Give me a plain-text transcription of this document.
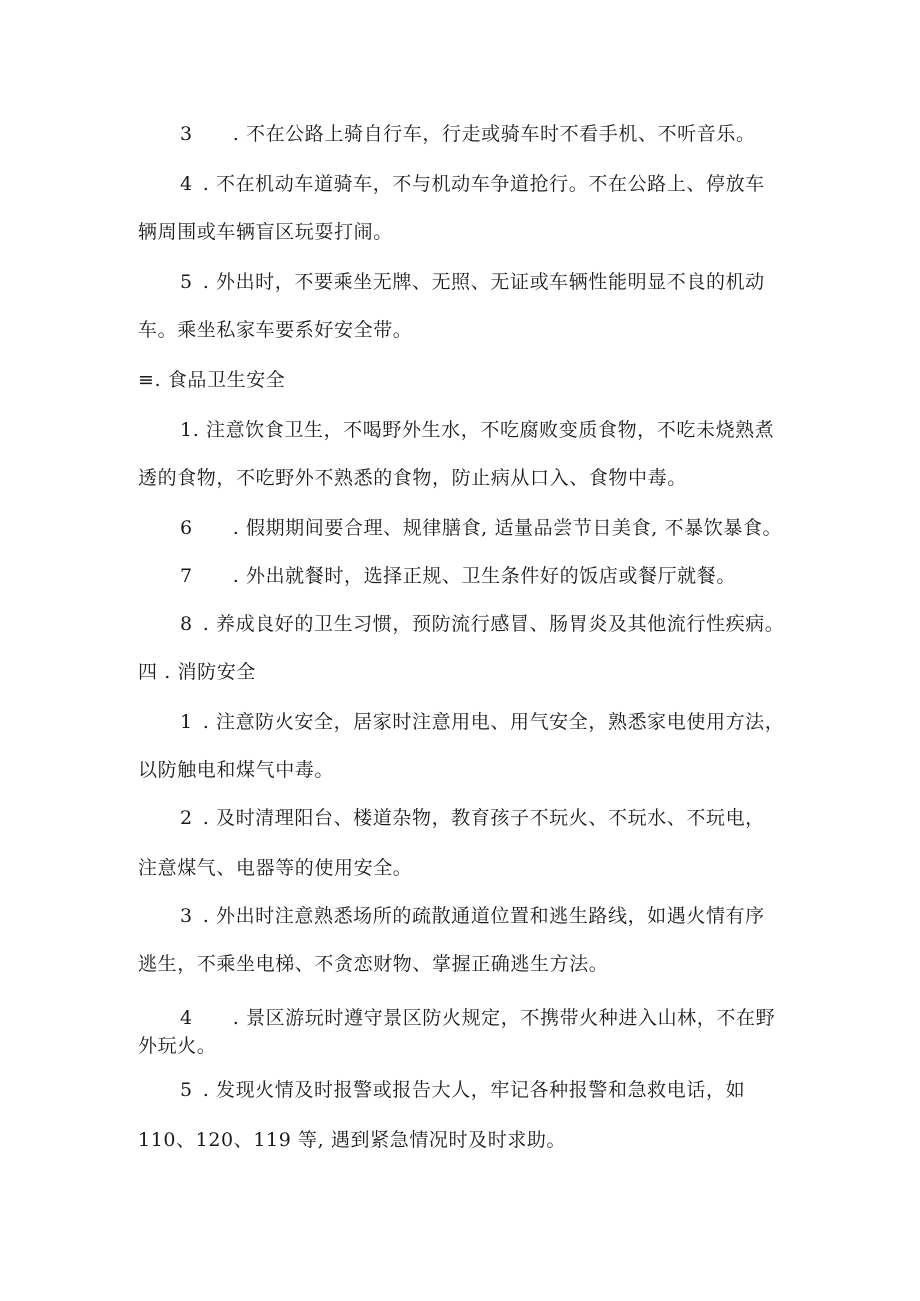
3 . 不在公路上骑自行车，行走或骑车时不看手机、不听音乐。
4 . 不在机动车道骑车，不与机动车争道抢行。不在公路上、停放车
辆周围或车辆盲区玩耍打闹。
5 . 外出时，不要乘坐无牌、无照、无证或车辆性能明显不良的机动
车。乘坐私家车要系好安全带。
≡. 食品卫生安全
1. 注意饮食卫生，不喝野外生水，不吃腐败变质食物，不吃未烧熟煮
透的食物，不吃野外不熟悉的食物，防止病从口入、食物中毒。
6 . 假期期间要合理、规律膳食, 适量品尝节日美食, 不暴饮暴食。
7 . 外出就餐时，选择正规、卫生条件好的饭店或餐厅就餐。
8 . 养成良好的卫生习惯，预防流行感冒、肠胃炎及其他流行性疾病。
四 . 消防安全
1 . 注意防火安全，居家时注意用电、用气安全，熟悉家电使用方法，
以防触电和煤气中毒。
2 . 及时清理阳台、楼道杂物，教育孩子不玩火、不玩水、不玩电，
注意煤气、电器等的使用安全。
3 . 外出时注意熟悉场所的疏散通道位置和逃生路线，如遇火情有序
逃生，不乘坐电梯、不贪恋财物、掌握正确逃生方法。
4 . 景区游玩时遵守景区防火规定，不携带火种进入山林，不在野
外玩火。
5 . 发现火情及时报警或报告大人，牢记各种报警和急救电话，如
110、120、119 等, 遇到紧急情况时及时求助。
